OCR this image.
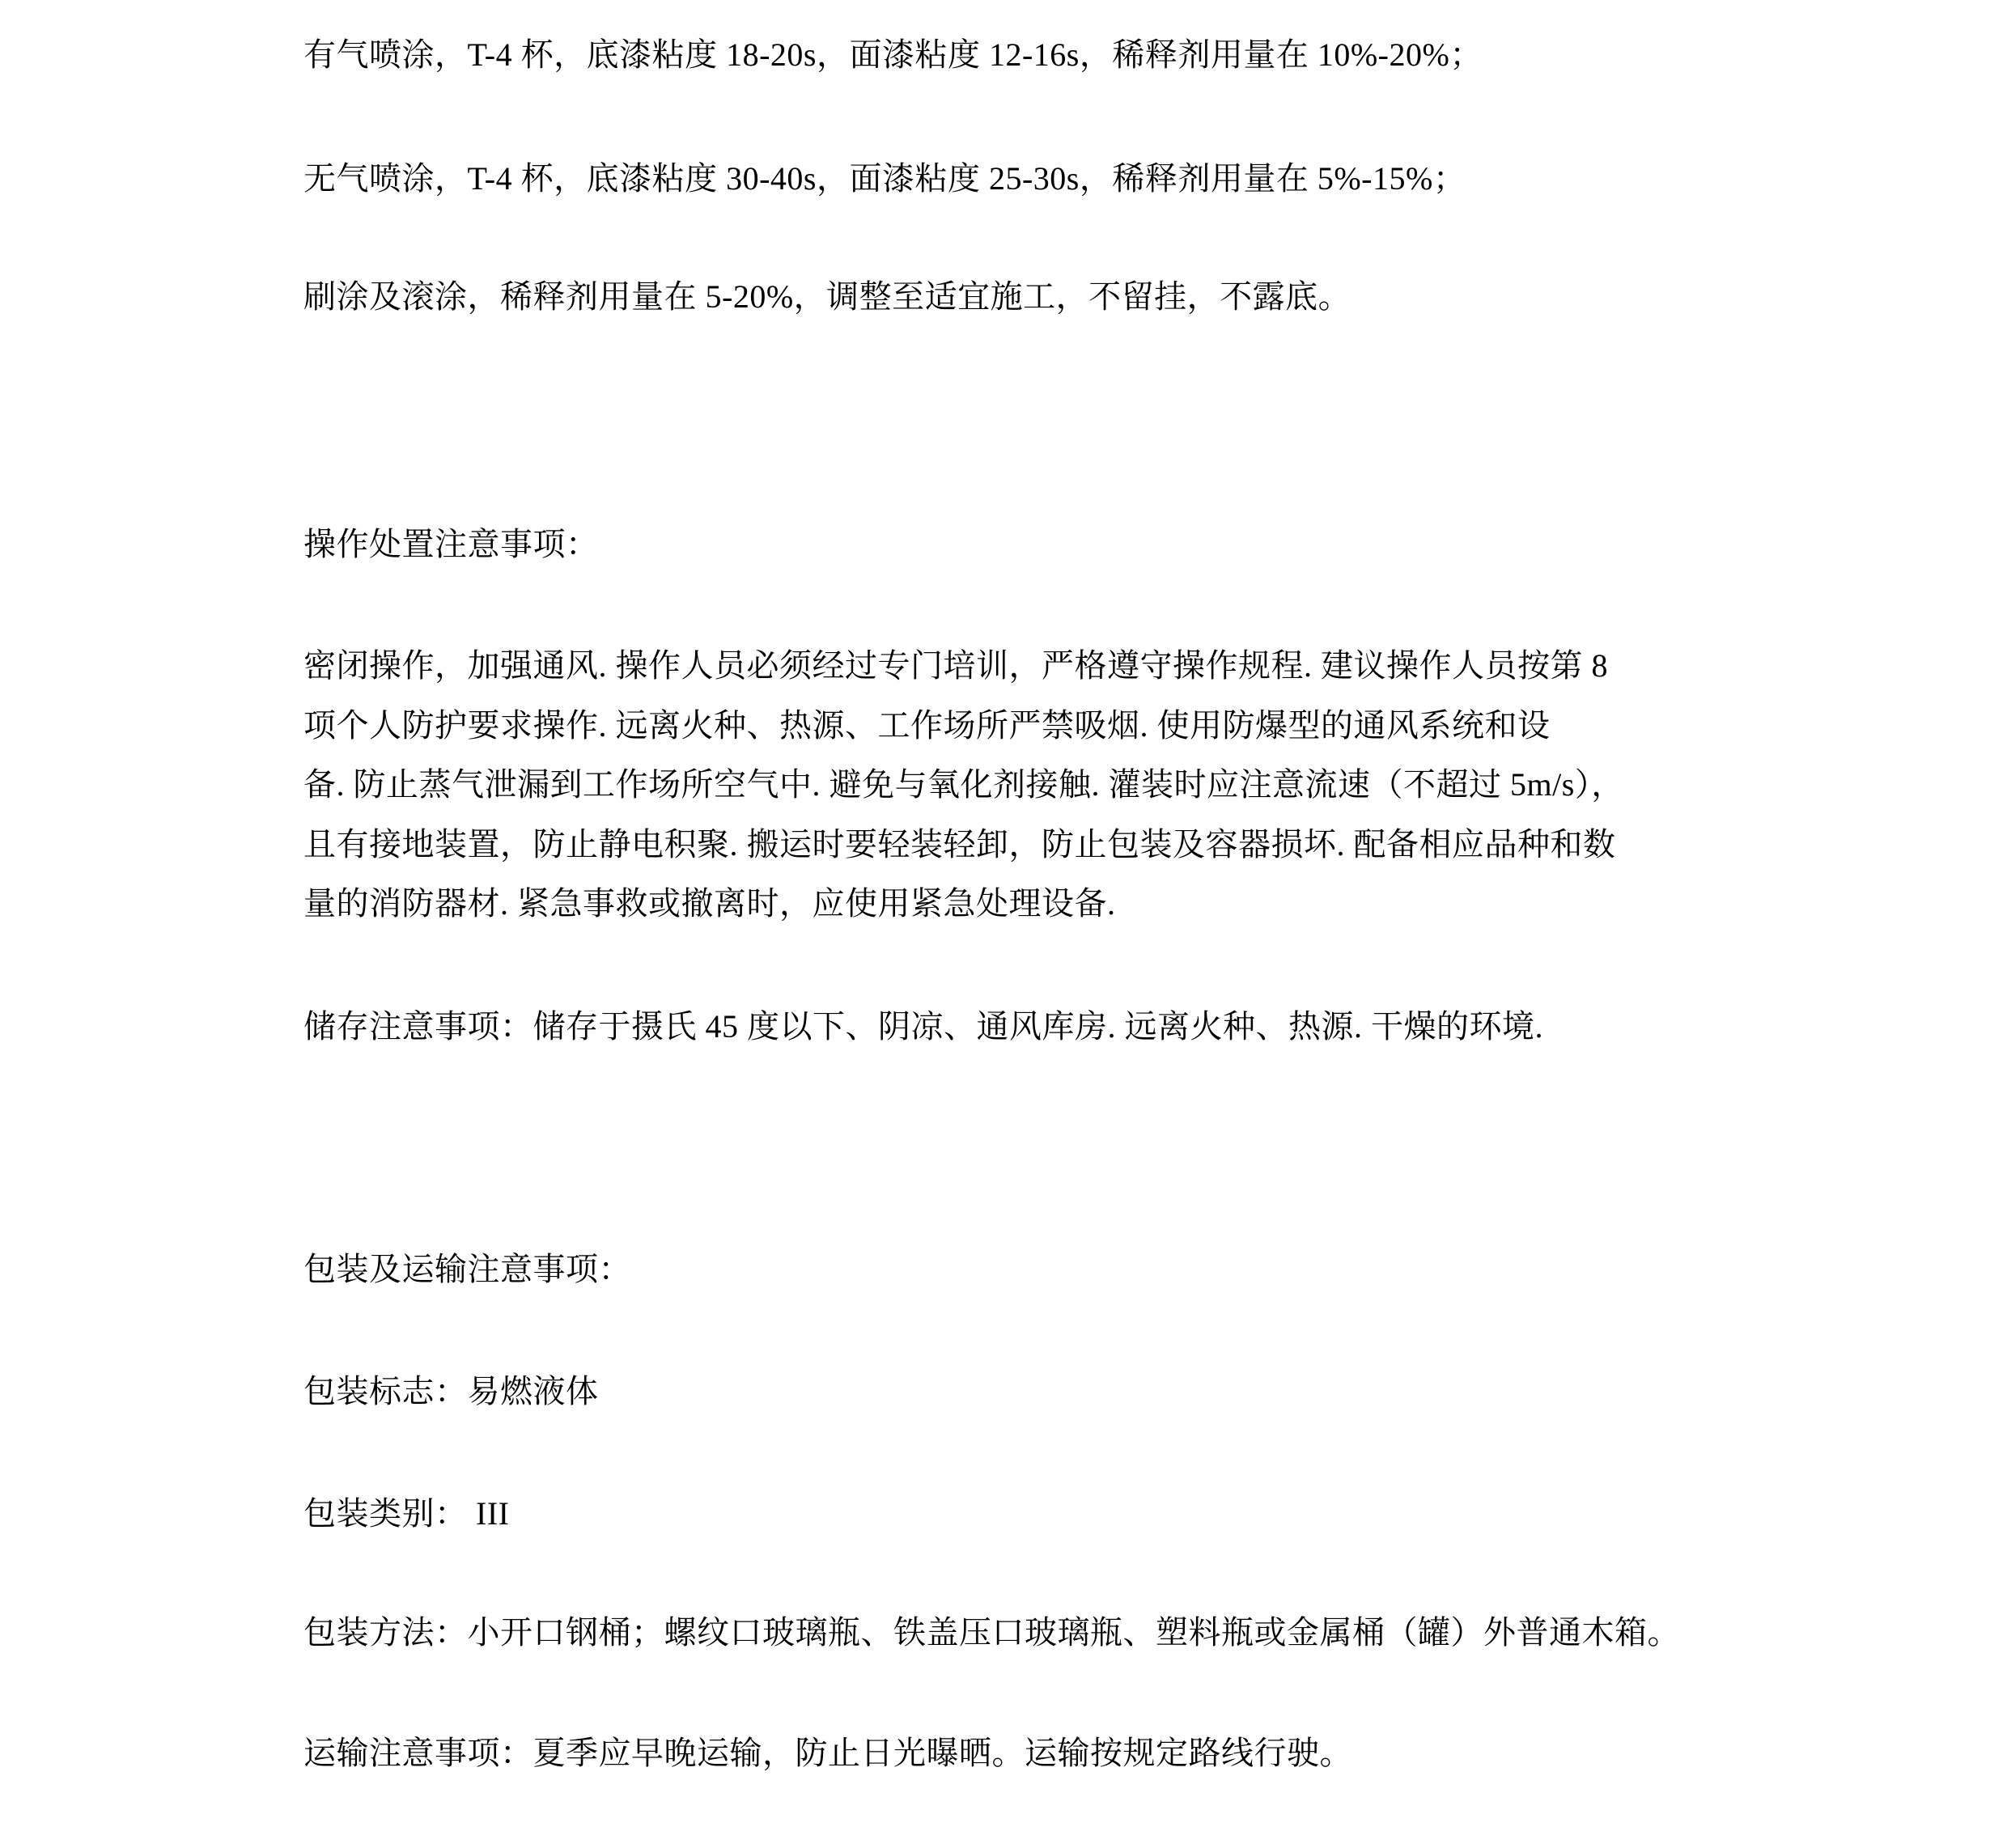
有气喷涂，T-4 杯，底漆粘度 18-20s，面漆粘度 12-16s，稀释剂用量在 10%-20%；
无气喷涂，T-4 杯，底漆粘度 30-40s，面漆粘度 25-30s，稀释剂用量在 5%-15%；
刷涂及滚涂，稀释剂用量在 5-20%，调整至适宜施工，不留挂，不露底。
操作处置注意事项：
密闭操作，加强通风. 操作人员必须经过专门培训，严格遵守操作规程. 建议操作人员按第 8
项个人防护要求操作. 远离火种、热源、工作场所严禁吸烟. 使用防爆型的通风系统和设
备. 防止蒸气泄漏到工作场所空气中. 避免与氧化剂接触. 灌装时应注意流速（不超过 5m/s），
且有接地装置，防止静电积聚. 搬运时要轻装轻卸，防止包装及容器损坏. 配备相应品种和数
量的消防器材. 紧急事救或撤离时，应使用紧急处理设备.
储存注意事项：储存于摄氏 45 度以下、阴凉、通风库房. 远离火种、热源. 干燥的环境.
包装及运输注意事项：
包装标志：易燃液体
包装类别： III
包装方法：小开口钢桶；螺纹口玻璃瓶、铁盖压口玻璃瓶、塑料瓶或金属桶（罐）外普通木箱。
运输注意事项：夏季应早晚运输，防止日光曝晒。运输按规定路线行驶。
